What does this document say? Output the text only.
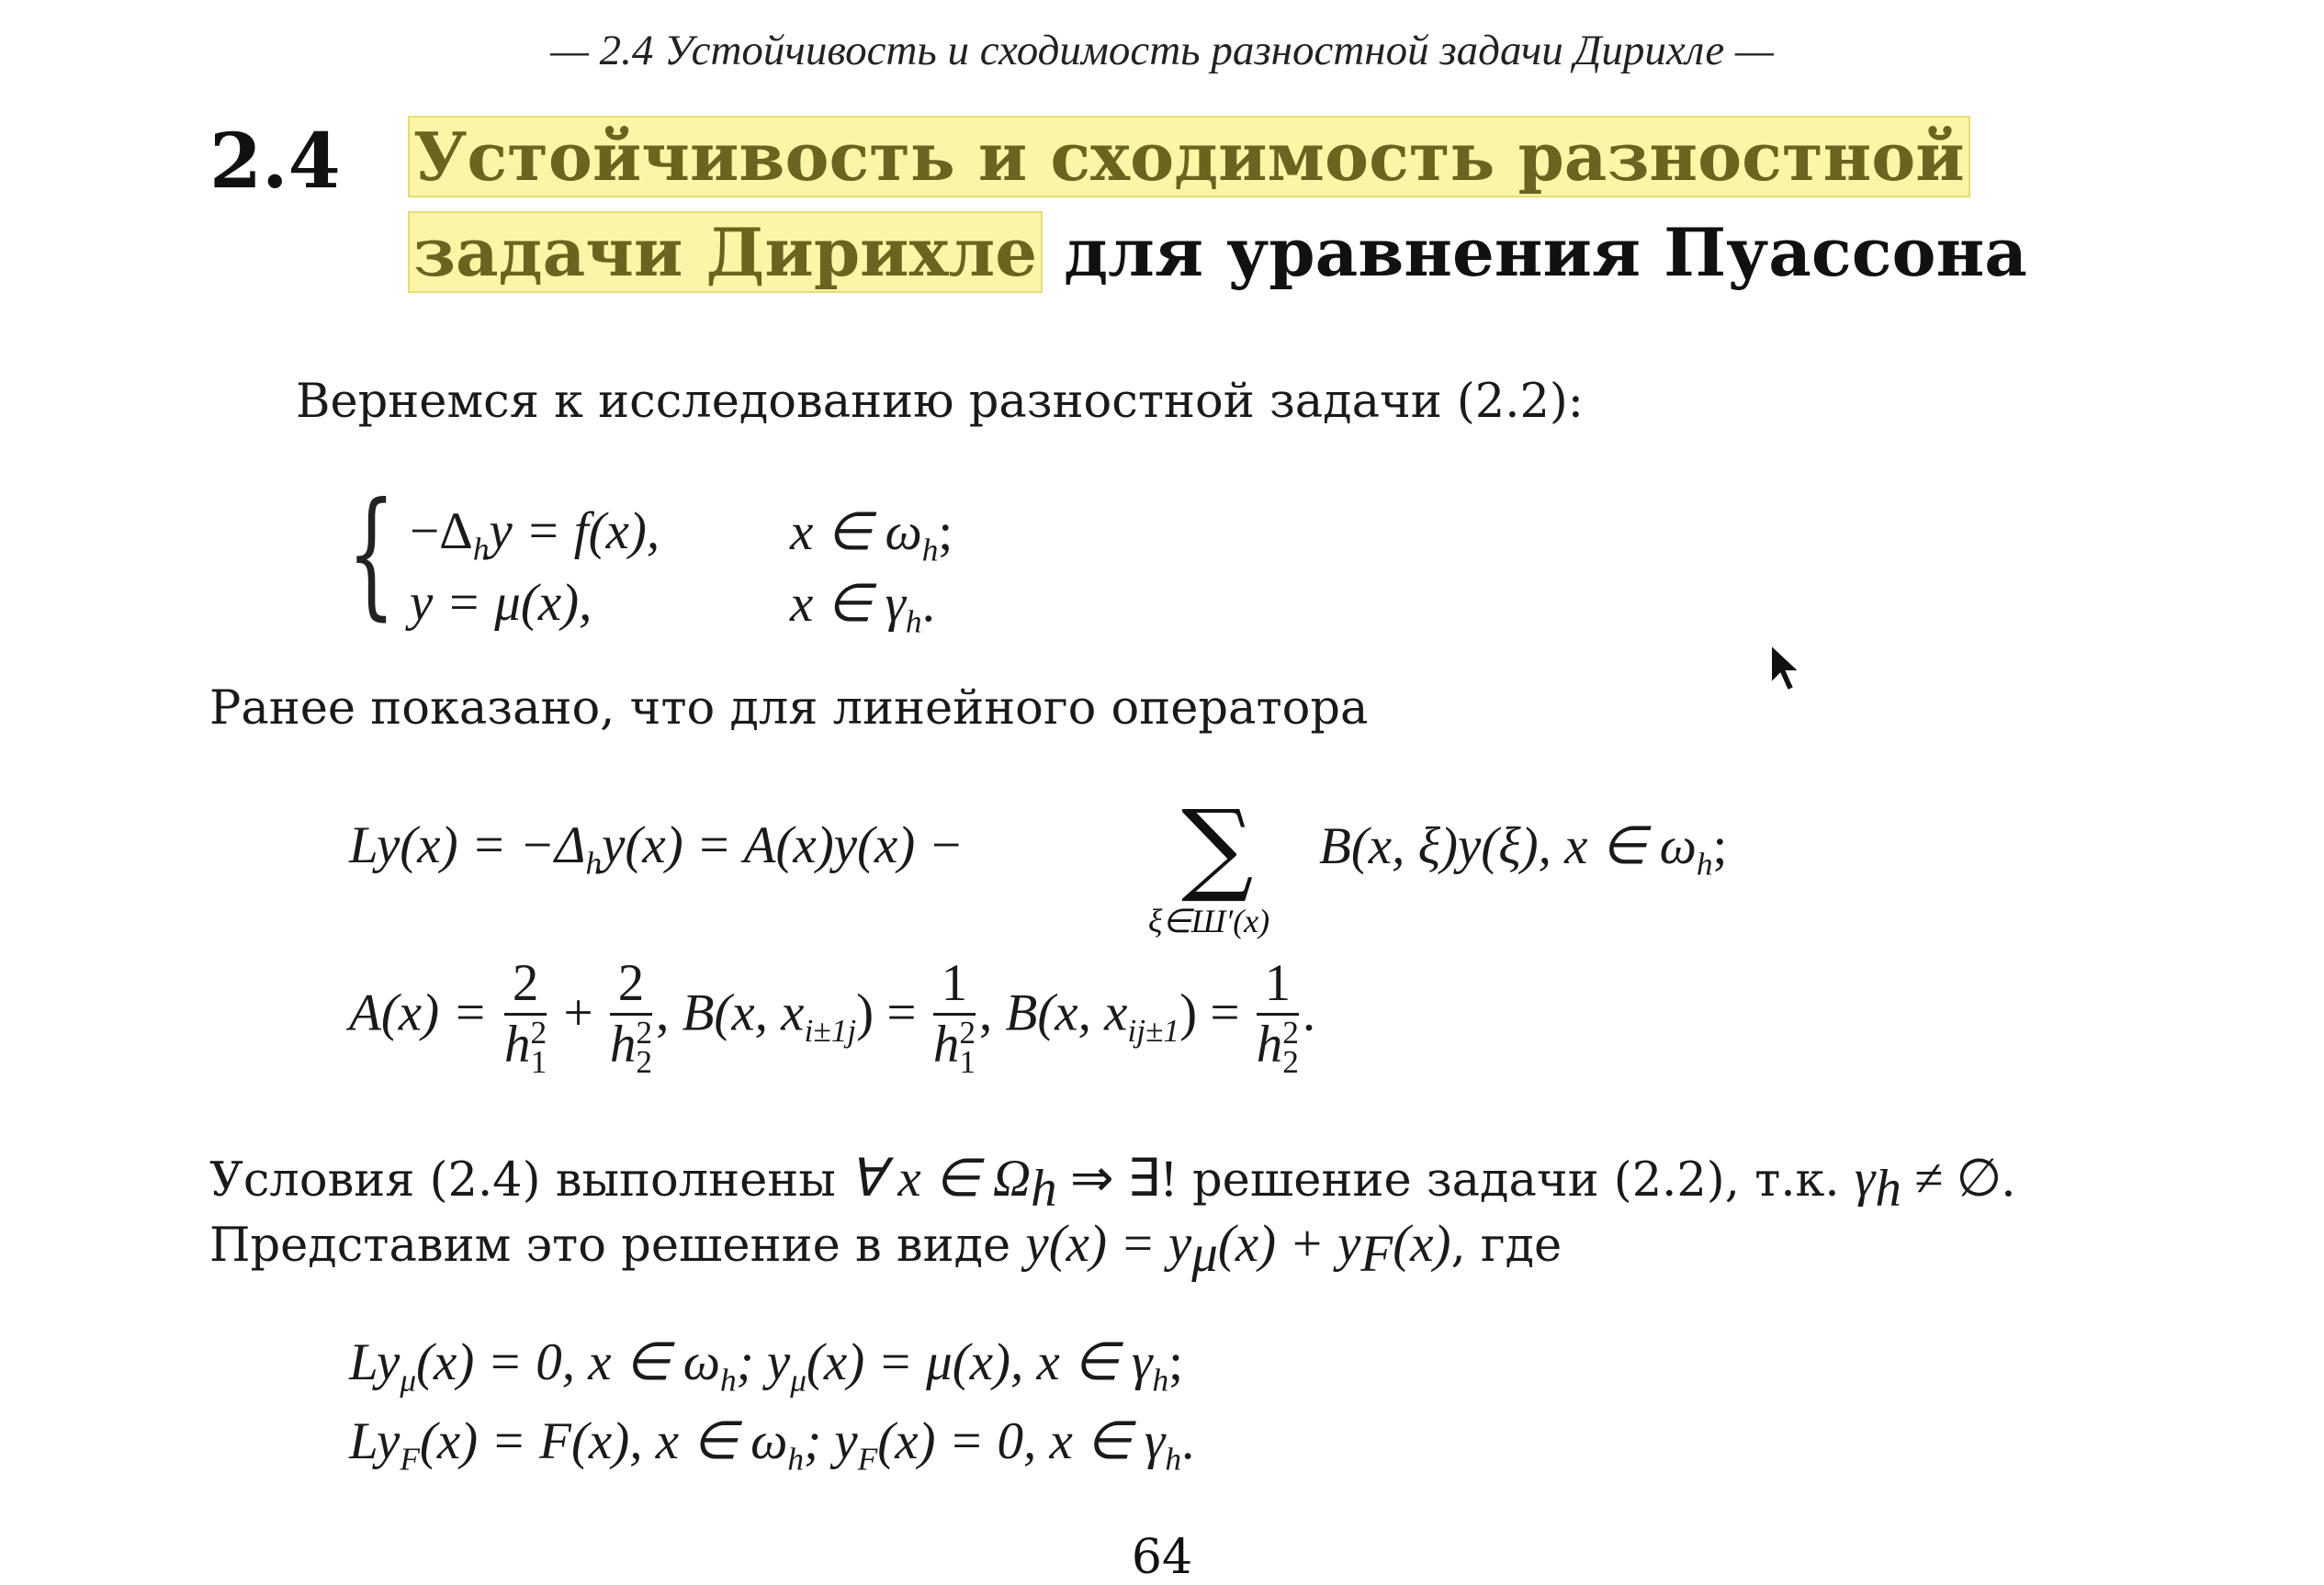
— 2.4 Устойчивость и сходимость разностной задачи Дирихле —
2.4 Устойчивость и сходимость разностной
задачи Дирихле для уравнения Пуассона
Вернемся к исследованию разностной задачи (2.2):
{ $-\Delta_hy = f(x)$, x ∈ $\omega_h$;
y = μ(x),	x ∈ $\gamma_h$.
Ранее показано, что для линейного оператора
$Ly(x) = -\Delta_hy(x) = A(x)y(x)$ − ∑
ξ∈Ш′(x)
B(x, ξ)y(ξ), x ∈ $\omega_h$;
$A(x) = \frac{2}{h^2_1} + \frac{2}{h^2_2}$ , B(x, $x_{i\pm 1j}) = \frac{1}{h^2_1}$ , B(x, $x_{ij\pm 1}) = \frac{1}{h^2_2}$ .
Условия (2.4) выполнены ∀ x ∈ $\Omega_h$ ⇒ ∃! решение задачи (2.2), т.к. $\gamma_h$ ≠ ∅.
Представим это решение в виде $y(x) = y_\mu(x) + y_F(x)$, где
$Ly_\mu(x) = 0$, x ∈ $\omega_h$; $y_\mu(x) = \mu(x)$, x ∈ $\gamma_h$;
$Ly_F(x) = F(x)$, x ∈ $\omega_h$; $y_F(x) = 0$, x ∈ $\gamma_h$.
64
